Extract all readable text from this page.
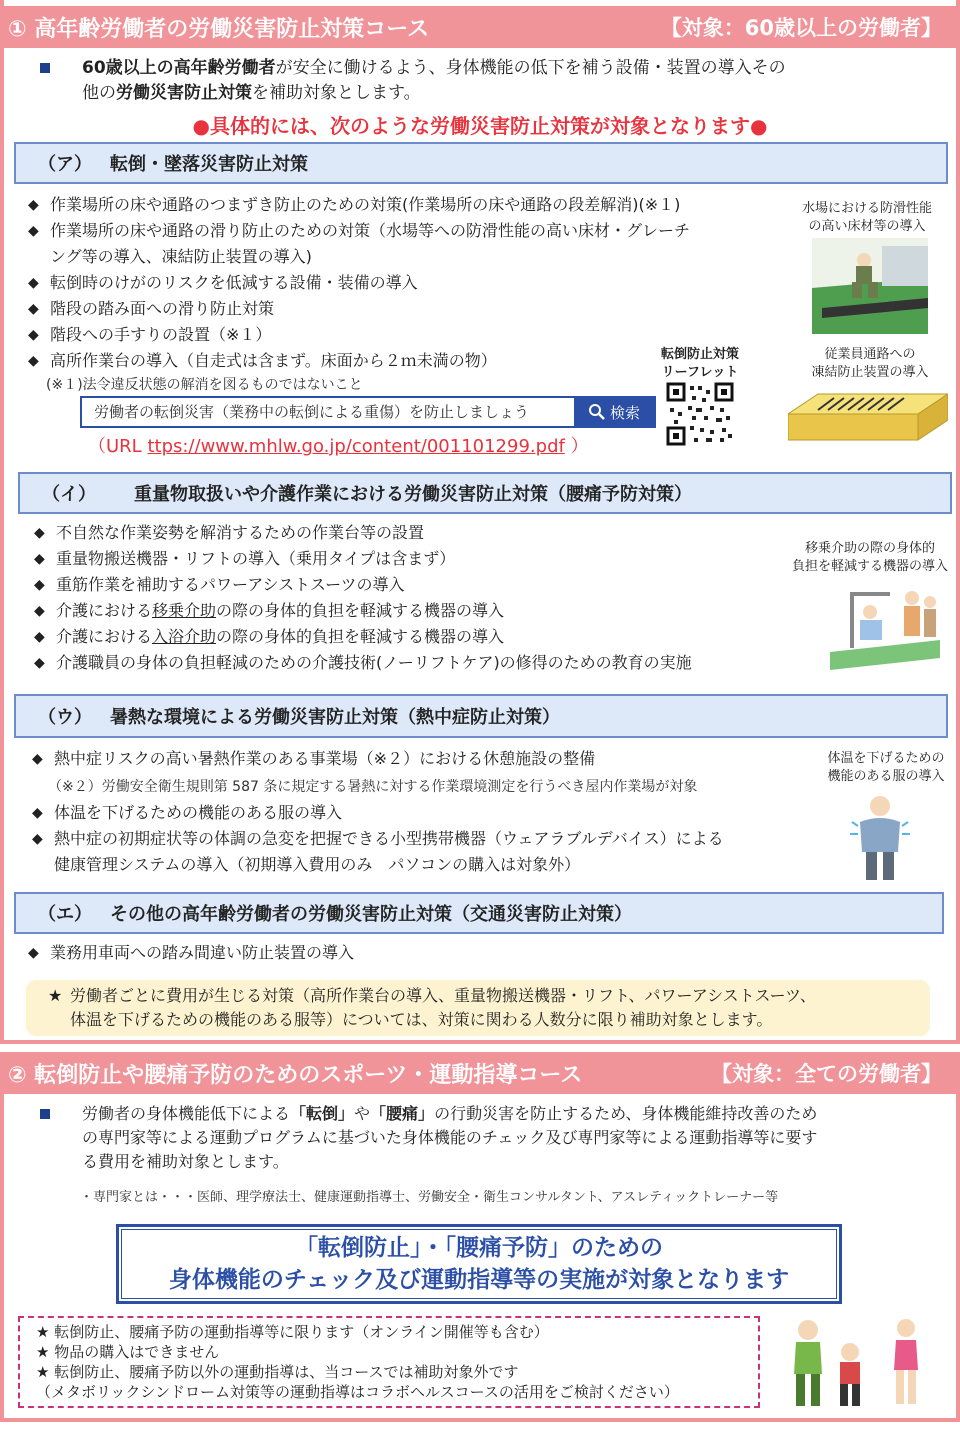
① 高年齢労働者の労働災害防止対策コース	【対象：60歳以上の労働者】
60歳以上の高年齢労働者が安全に働けるよう、身体機能の低下を補う設備・装置の導入その
他の労働災害防止対策を補助対象とします。
●具体的には、次のような労働災害防止対策が対象となります●
（ア）	転倒・墜落災害防止対策
◆ 作業場所の床や通路のつまずき防止のための対策(作業場所の床や通路の段差解消)(※１)
◆ 作業場所の床や通路の滑り防止のための対策（水場等への防滑性能の高い床材・グレーチ
ング等の導入、凍結防止装置の導入)
◆ 転倒時のけがのリスクを低減する設備・装備の導入
◆ 階段の踏み面への滑り防止対策
◆ 階段への手すりの設置（※１）
◆ 高所作業台の導入（自走式は含まず。床面から２ｍ未満の物）
(※１)法令違反状態の解消を図るものではないこと
労働者の転倒災害（業務中の転倒による重傷）を防止しましょう	検索
（URL ttps://www.mhlw.go.jp/content/001101299.pdf ）
転倒防止対策
リーフレット
水場における防滑性能
の高い床材等の導入
従業員通路への
凍結防止装置の導入
（イ）	重量物取扱いや介護作業における労働災害防止対策（腰痛予防対策）
◆ 不自然な作業姿勢を解消するための作業台等の設置
◆ 重量物搬送機器・リフトの導入（乗用タイプは含まず）
◆ 重筋作業を補助するパワーアシストスーツの導入
◆ 介護における移乗介助の際の身体的負担を軽減する機器の導入
◆ 介護における入浴介助の際の身体的負担を軽減する機器の導入
◆ 介護職員の身体の負担軽減のための介護技術(ノーリフトケア)の修得のための教育の実施
移乗介助の際の身体的
負担を軽減する機器の導入
（ウ）	暑熱な環境による労働災害防止対策（熱中症防止対策）
◆ 熱中症リスクの高い暑熱作業のある事業場（※２）における休憩施設の整備
（※２）労働安全衛生規則第 587 条に規定する暑熱に対する作業環境測定を行うべき屋内作業場が対象
◆ 体温を下げるための機能のある服の導入
◆ 熱中症の初期症状等の体調の急変を把握できる小型携帯機器（ウェアラブルデバイス）による
健康管理システムの導入（初期導入費用のみ　パソコンの購入は対象外）
体温を下げるための
機能のある服の導入
（エ）	その他の高年齢労働者の労働災害防止対策（交通災害防止対策）
◆ 業務用車両への踏み間違い防止装置の導入
★ 労働者ごとに費用が生じる対策（高所作業台の導入、重量物搬送機器・リフト、パワーアシストスーツ、
体温を下げるための機能のある服等）については、対策に関わる人数分に限り補助対象とします。
② 転倒防止や腰痛予防のためのスポーツ・運動指導コース	【対象：全ての労働者】
労働者の身体機能低下による「転倒」や「腰痛」の行動災害を防止するため、身体機能維持改善のため
の専門家等による運動プログラムに基づいた身体機能のチェック及び専門家等による運動指導等に要す
る費用を補助対象とします。
・専門家とは・・・医師、理学療法士、健康運動指導士、労働安全・衛生コンサルタント、アスレティックトレーナー等
「転倒防止」・「腰痛予防」のための
身体機能のチェック及び運動指導等の実施が対象となります
★ 転倒防止、腰痛予防の運動指導等に限ります（オンライン開催等も含む）
★ 物品の購入はできません
★ 転倒防止、腰痛予防以外の運動指導は、当コースでは補助対象外です
（メタボリックシンドローム対策等の運動指導はコラボヘルスコースの活用をご検討ください）
